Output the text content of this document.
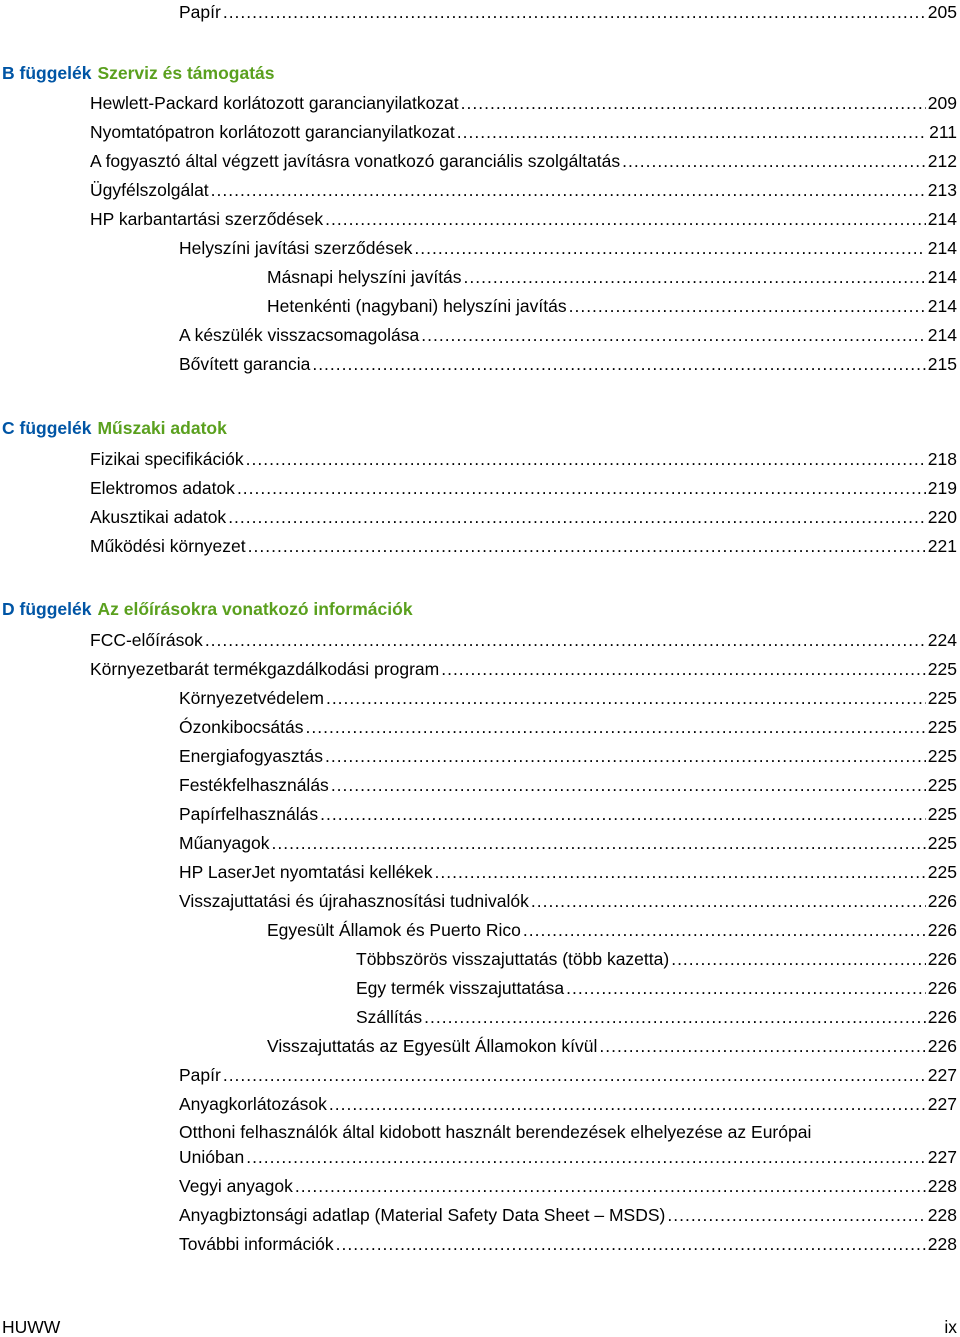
Papír .....	205
B függelék Szerviz és támogatás
Hewlett-Packard korlátozott garancianyilatkozat .....	209
Nyomtatópatron korlátozott garancianyilatkozat .....	211
A fogyasztó által végzett javításra vonatkozó garanciális szolgáltatás .....	212
Ügyfélszolgálat .....	213
HP karbantartási szerződések .....	214
Helyszíni javítási szerződések .....	214
Másnapi helyszíni javítás .....	214
Hetenkénti (nagybani) helyszíni javítás .....	214
A készülék visszacsomagolása .....	214
Bővített garancia .....	215
C függelék Műszaki adatok
Fizikai specifikációk .....	218
Elektromos adatok .....	219
Akusztikai adatok .....	220
Működési környezet .....	221
D függelék Az előírásokra vonatkozó információk
FCC-előírások .....	224
Környezetbarát termékgazdálkodási program .....	225
Környezetvédelem .....	225
Ózonkibocsátás .....	225
Energiafogyasztás .....	225
Festékfelhasználás .....	225
Papírfelhasználás .....	225
Műanyagok .....	225
HP LaserJet nyomtatási kellékek .....	225
Visszajuttatási és újrahasznosítási tudnivalók .....	226
Egyesült Államok és Puerto Rico .....	226
Többszörös visszajuttatás (több kazetta) .....	226
Egy termék visszajuttatása .....	226
Szállítás .....	226
Visszajuttatás az Egyesült Államokon kívül .....	226
Papír .....	227
Anyagkorlátozások .....	227
Otthoni felhasználók által kidobott használt berendezések elhelyezése az Európai
Unióban .....	227
Vegyi anyagok .....	228
Anyagbiztonsági adatlap (Material Safety Data Sheet – MSDS) .....	228
További információk .....	228
HUWW	ix
